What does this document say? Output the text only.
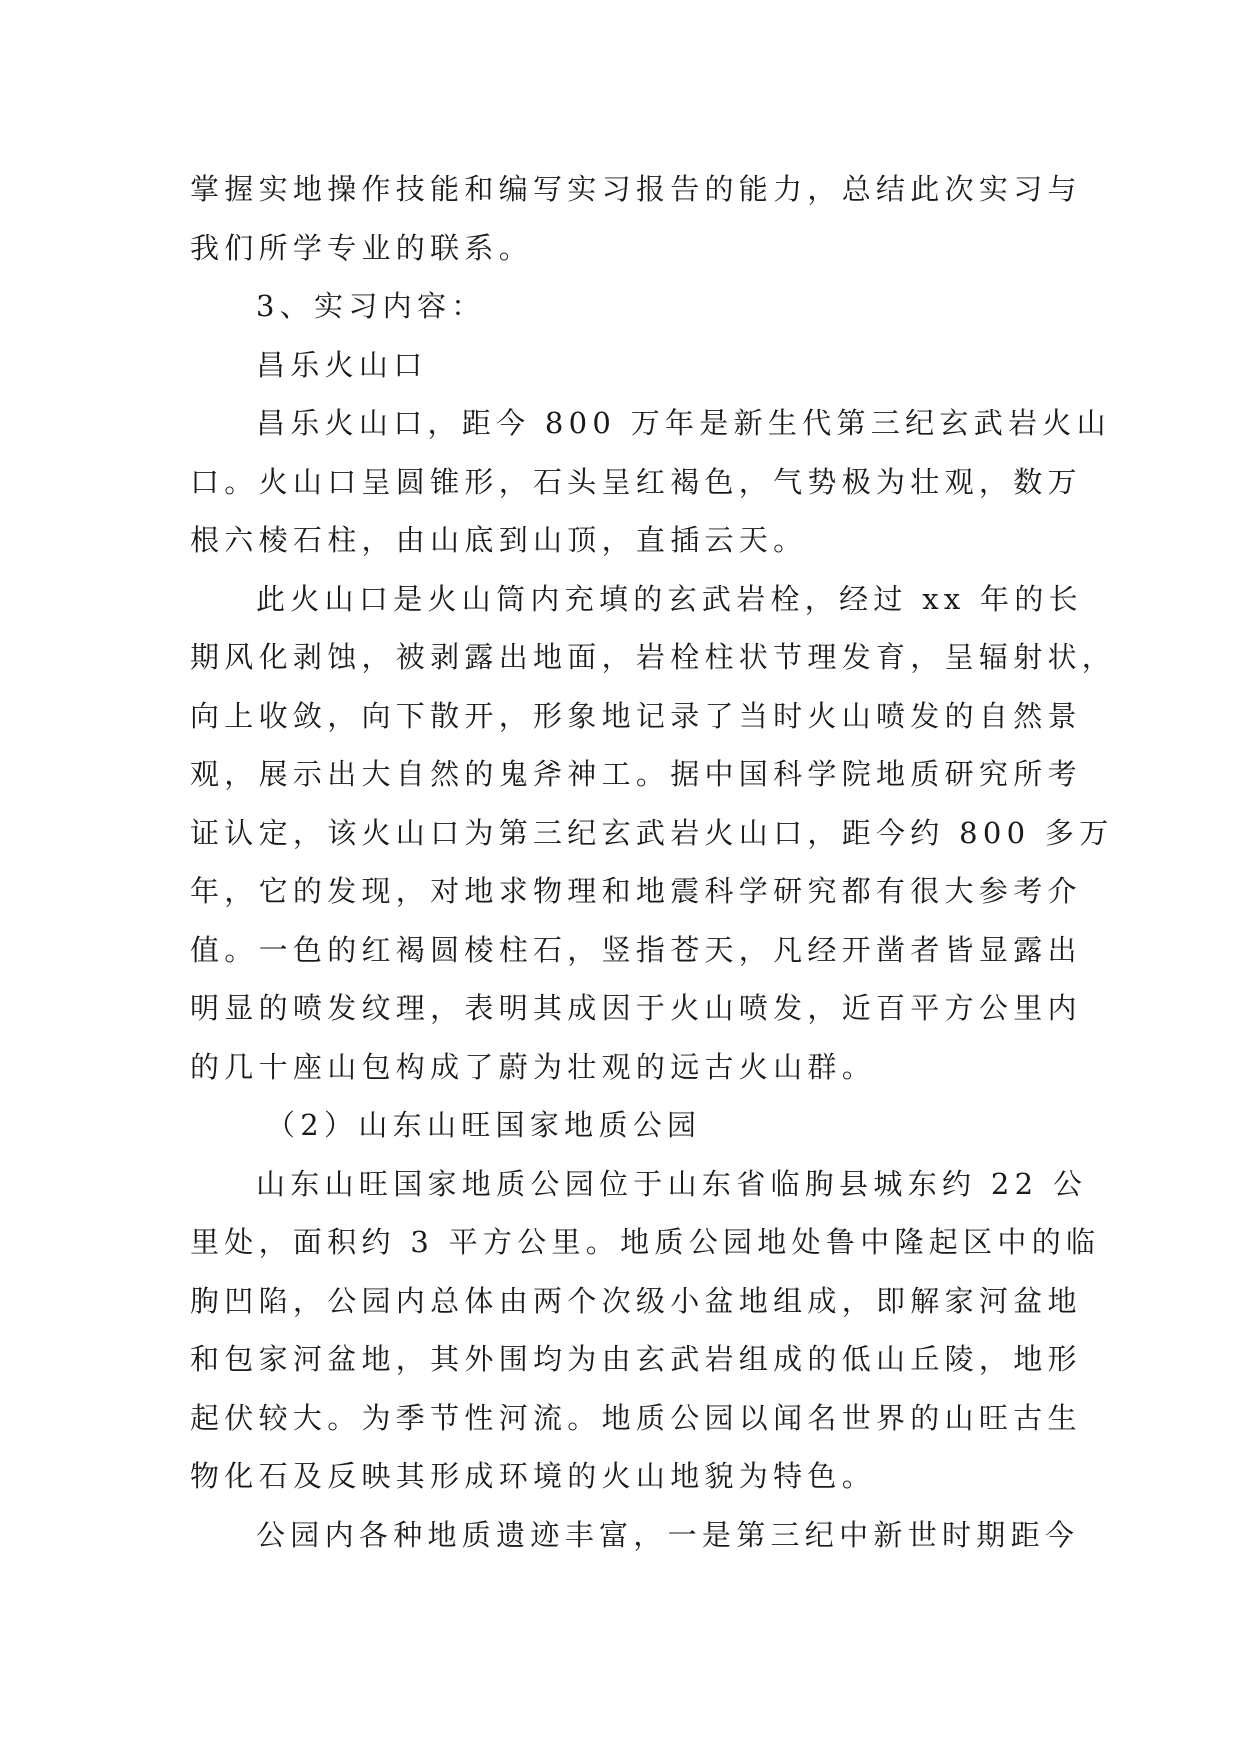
掌握实地操作技能和编写实习报告的能力，总结此次实习与
我们所学专业的联系。
3、实习内容：
昌乐火山口
昌乐火山口，距今 800 万年是新生代第三纪玄武岩火山
口。火山口呈圆锥形，石头呈红褐色，气势极为壮观，数万
根六棱石柱，由山底到山顶，直插云天。
此火山口是火山筒内充填的玄武岩栓，经过 xx 年的长
期风化剥蚀，被剥露出地面，岩栓柱状节理发育，呈辐射状，
向上收敛，向下散开，形象地记录了当时火山喷发的自然景
观，展示出大自然的鬼斧神工。据中国科学院地质研究所考
证认定，该火山口为第三纪玄武岩火山口，距今约 800 多万
年，它的发现，对地求物理和地震科学研究都有很大参考介
值。一色的红褐圆棱柱石，竖指苍天，凡经开凿者皆显露出
明显的喷发纹理，表明其成因于火山喷发，近百平方公里内
的几十座山包构成了蔚为壮观的远古火山群。
（2）山东山旺国家地质公园
山东山旺国家地质公园位于山东省临朐县城东约 22 公
里处，面积约 3 平方公里。地质公园地处鲁中隆起区中的临
朐凹陷，公园内总体由两个次级小盆地组成，即解家河盆地
和包家河盆地，其外围均为由玄武岩组成的低山丘陵，地形
起伏较大。为季节性河流。地质公园以闻名世界的山旺古生
物化石及反映其形成环境的火山地貌为特色。
公园内各种地质遗迹丰富，一是第三纪中新世时期距今
